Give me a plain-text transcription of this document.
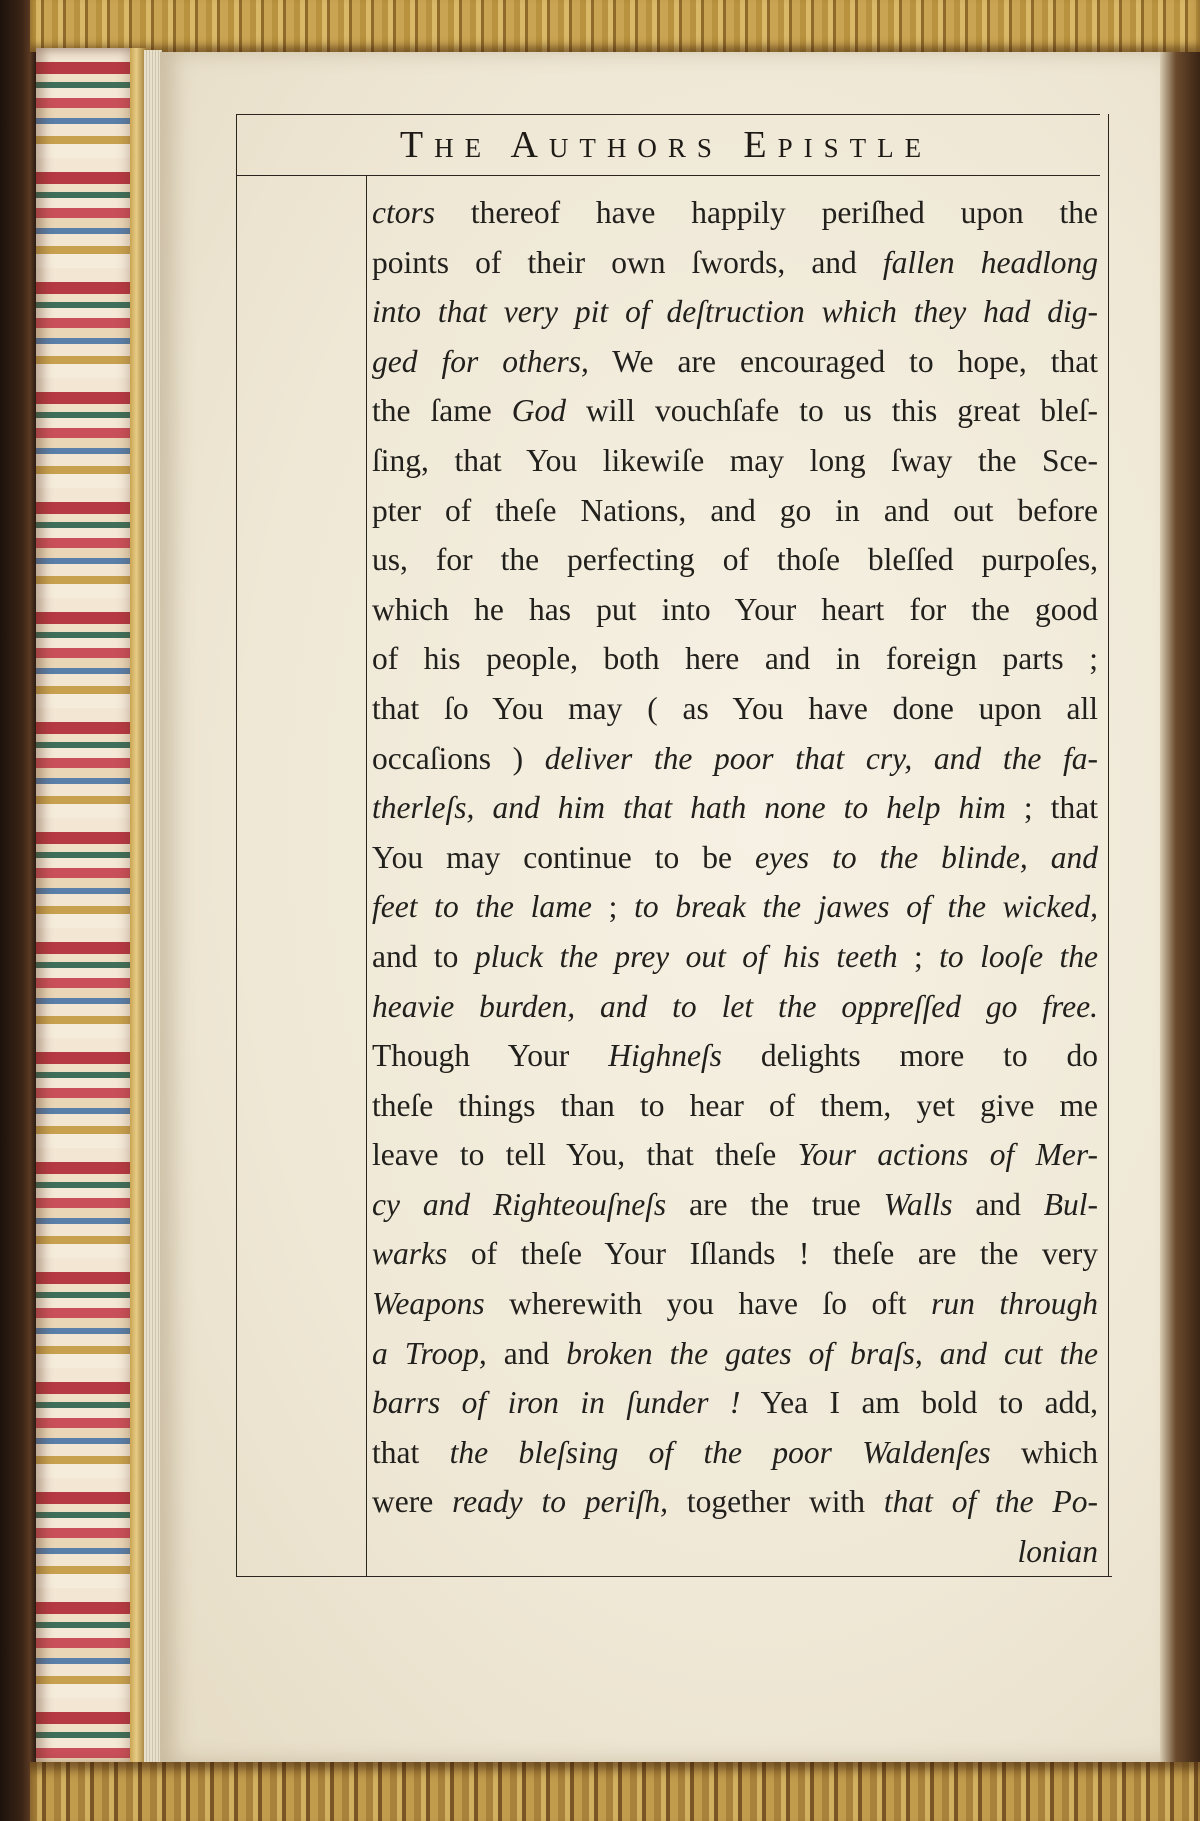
The Authors Epistle
ctors thereof have happily periſhed upon the
points of their own ſwords, and fallen headlong
into that very pit of deſtruction which they had dig-
ged for others, We are encouraged to hope, that
the ſame God will vouchſafe to us this great bleſ-
ſing, that You likewiſe may long ſway the Sce-
pter of theſe Nations, and go in and out before
us, for the perfecting of thoſe bleſſed purpoſes,
which he has put into Your heart for the good
of his people, both here and in foreign parts ;
that ſo You may ( as You have done upon all
occaſions ) deliver the poor that cry, and the fa-
therleſs, and him that hath none to help him ; that
You may continue to be eyes to the blinde, and
feet to the lame ; to break the jawes of the wicked,
and to pluck the prey out of his teeth ; to looſe the
heavie burden, and to let the oppreſſed go free.
Though Your Highneſs delights more to do
theſe things than to hear of them, yet give me
leave to tell You, that theſe Your actions of Mer-
cy and Righteouſneſs are the true Walls and Bul-
warks of theſe Your Iſlands ! theſe are the very
Weapons wherewith you have ſo oft run through
a Troop, and broken the gates of braſs, and cut the
barrs of iron in ſunder ! Yea I am bold to add,
that the bleſsing of the poor Waldenſes which
were ready to periſh, together with that of the Po-
lonian
